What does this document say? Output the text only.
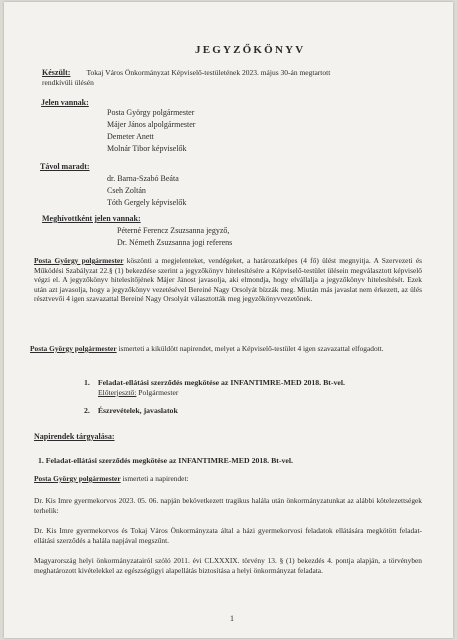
JEGYZŐKÖNYV
Készült: Tokaj Város Önkormányzat Képviselő-testületének 2023. május 30-án megtartott
rendkívüli ülésén
Jelen vannak:
Posta György polgármester
Májer János alpolgármester
Demeter Anett
Molnár Tibor képviselők
Távol maradt:
dr. Barna-Szabó Beáta
Cseh Zoltán
Tóth Gergely képviselők
Meghívottként jelen vannak:
Péterné Ferencz Zsuzsanna jegyző,
Dr. Németh Zsuzsanna jogi referens
Posta György polgármester köszönti a megjelenteket, vendégeket, a határozatképes (4 fő) ülést megnyitja. A Szervezeti és Működési Szabályzat 22.§ (1) bekezdése szerint a jegyzőkönyv hitelesítésére a Képviselő-testület ülésein megválasztott képviselő végzi el. A jegyzőkönyv hitelesítőjének Májer Jánost javasolja, aki elmondja, hogy elvállalja a jegyzőkönyv hitelesítését. Ezek után azt javasolja, hogy a jegyzőkönyv vezetésével Bereiné Nagy Orsolyát bízzák meg. Miután más javaslat nem érkezett, az ülés résztvevői 4 igen szavazattal Bereiné Nagy Orsolyát választották meg jegyzőkönyvvezetőnek.
Posta György polgármester ismerteti a kiküldött napirendet, melyet a Képviselő-testület 4 igen szavazattal elfogadott.
1. Feladat-ellátási szerződés megkötése az INFANTIMRE-MED 2018. Bt-vel.
Előterjesztő: Polgármester
2. Észrevételek, javaslatok
Napirendek tárgyalása:
1. Feladat-ellátási szerződés megkötése az INFANTIMRE-MED 2018. Bt-vel.
Posta György polgármester ismerteti a napirendet:
Dr. Kis Imre gyermekorvos 2023. 05. 06. napján bekövetkezett tragikus halála után önkormányzatunkat az alábbi kötelezettségek terhelik:
Dr. Kis Imre gyermekorvos és Tokaj Város Önkormányzata által a házi gyermekorvosi feladatok ellátására megkötött feladat-ellátási szerződés a halála napjával megszűnt.
Magyarország helyi önkormányzatairól szóló 2011. évi CLXXXIX. törvény 13. § (1) bekezdés 4. pontja alapján, a törvényben meghatározott kivételekkel az egészségügyi alapellátás biztosítása a helyi önkormányzat feladata.
1
